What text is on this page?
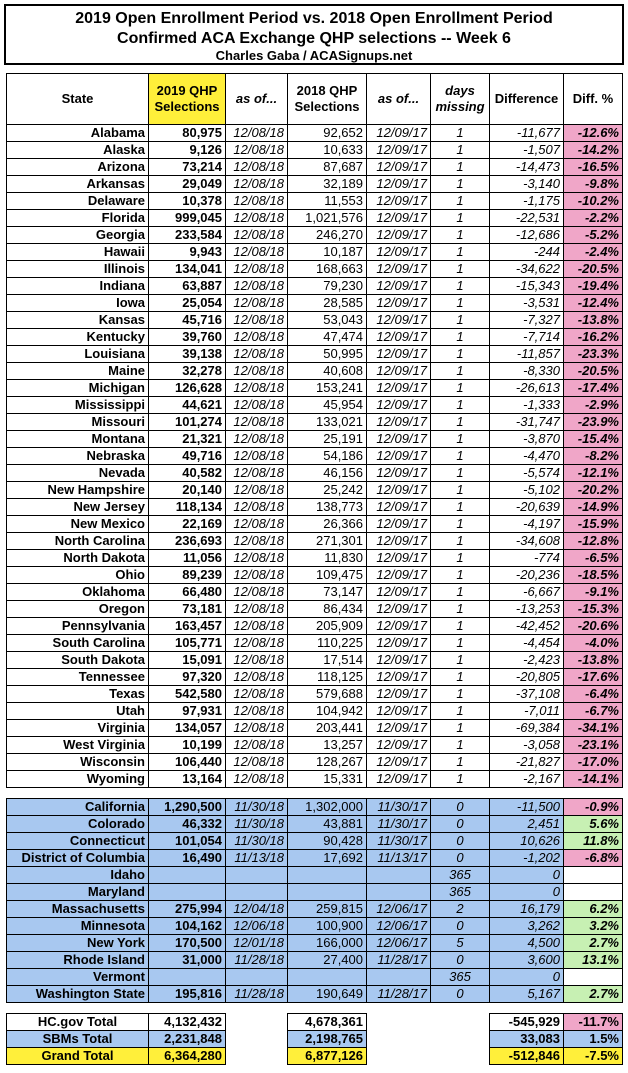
2019 Open Enrollment Period vs. 2018 Open Enrollment Period
Confirmed ACA Exchange QHP selections -- Week 6
Charles Gaba / ACASignups.net
State	2019 QHP Selections	as of...	2018 QHP Selections	as of...	days missing	Difference	Diff. %
Alabama	80,975	12/08/18	92,652	12/09/17	1	-11,677	-12.6%
Alaska	9,126	12/08/18	10,633	12/09/17	1	-1,507	-14.2%
Arizona	73,214	12/08/18	87,687	12/09/17	1	-14,473	-16.5%
Arkansas	29,049	12/08/18	32,189	12/09/17	1	-3,140	-9.8%
Delaware	10,378	12/08/18	11,553	12/09/17	1	-1,175	-10.2%
Florida	999,045	12/08/18	1,021,576	12/09/17	1	-22,531	-2.2%
Georgia	233,584	12/08/18	246,270	12/09/17	1	-12,686	-5.2%
Hawaii	9,943	12/08/18	10,187	12/09/17	1	-244	-2.4%
Illinois	134,041	12/08/18	168,663	12/09/17	1	-34,622	-20.5%
Indiana	63,887	12/08/18	79,230	12/09/17	1	-15,343	-19.4%
Iowa	25,054	12/08/18	28,585	12/09/17	1	-3,531	-12.4%
Kansas	45,716	12/08/18	53,043	12/09/17	1	-7,327	-13.8%
Kentucky	39,760	12/08/18	47,474	12/09/17	1	-7,714	-16.2%
Louisiana	39,138	12/08/18	50,995	12/09/17	1	-11,857	-23.3%
Maine	32,278	12/08/18	40,608	12/09/17	1	-8,330	-20.5%
Michigan	126,628	12/08/18	153,241	12/09/17	1	-26,613	-17.4%
Mississippi	44,621	12/08/18	45,954	12/09/17	1	-1,333	-2.9%
Missouri	101,274	12/08/18	133,021	12/09/17	1	-31,747	-23.9%
Montana	21,321	12/08/18	25,191	12/09/17	1	-3,870	-15.4%
Nebraska	49,716	12/08/18	54,186	12/09/17	1	-4,470	-8.2%
Nevada	40,582	12/08/18	46,156	12/09/17	1	-5,574	-12.1%
New Hampshire	20,140	12/08/18	25,242	12/09/17	1	-5,102	-20.2%
New Jersey	118,134	12/08/18	138,773	12/09/17	1	-20,639	-14.9%
New Mexico	22,169	12/08/18	26,366	12/09/17	1	-4,197	-15.9%
North Carolina	236,693	12/08/18	271,301	12/09/17	1	-34,608	-12.8%
North Dakota	11,056	12/08/18	11,830	12/09/17	1	-774	-6.5%
Ohio	89,239	12/08/18	109,475	12/09/17	1	-20,236	-18.5%
Oklahoma	66,480	12/08/18	73,147	12/09/17	1	-6,667	-9.1%
Oregon	73,181	12/08/18	86,434	12/09/17	1	-13,253	-15.3%
Pennsylvania	163,457	12/08/18	205,909	12/09/17	1	-42,452	-20.6%
South Carolina	105,771	12/08/18	110,225	12/09/17	1	-4,454	-4.0%
South Dakota	15,091	12/08/18	17,514	12/09/17	1	-2,423	-13.8%
Tennessee	97,320	12/08/18	118,125	12/09/17	1	-20,805	-17.6%
Texas	542,580	12/08/18	579,688	12/09/17	1	-37,108	-6.4%
Utah	97,931	12/08/18	104,942	12/09/17	1	-7,011	-6.7%
Virginia	134,057	12/08/18	203,441	12/09/17	1	-69,384	-34.1%
West Virginia	10,199	12/08/18	13,257	12/09/17	1	-3,058	-23.1%
Wisconsin	106,440	12/08/18	128,267	12/09/17	1	-21,827	-17.0%
Wyoming	13,164	12/08/18	15,331	12/09/17	1	-2,167	-14.1%
California	1,290,500	11/30/18	1,302,000	11/30/17	0	-11,500	-0.9%
Colorado	46,332	11/30/18	43,881	11/30/17	0	2,451	5.6%
Connecticut	101,054	11/30/18	90,428	11/30/17	0	10,626	11.8%
District of Columbia	16,490	11/13/18	17,692	11/13/17	0	-1,202	-6.8%
Idaho					365	0	
Maryland					365	0	
Massachusetts	275,994	12/04/18	259,815	12/06/17	2	16,179	6.2%
Minnesota	104,162	12/06/18	100,900	12/06/17	0	3,262	3.2%
New York	170,500	12/01/18	166,000	12/06/17	5	4,500	2.7%
Rhode Island	31,000	11/28/18	27,400	11/28/17	0	3,600	13.1%
Vermont					365	0	
Washington State	195,816	11/28/18	190,649	11/28/17	0	5,167	2.7%
HC.gov Total	4,132,432		4,678,361			-545,929	-11.7%
SBMs Total	2,231,848		2,198,765			33,083	1.5%
Grand Total	6,364,280		6,877,126			-512,846	-7.5%
